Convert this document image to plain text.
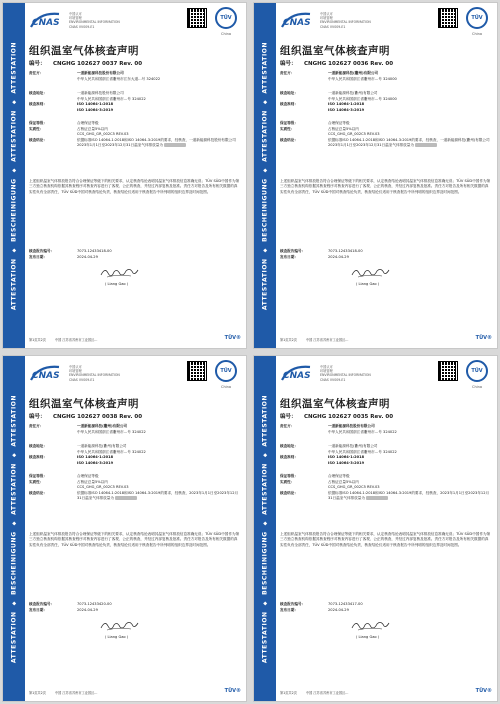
ATTESTATION◆BESCHEINIGUNG◆ATTESTATION◆ATTESTATION
CNAS
中国认可
环境管理
ENVIRONMENTAL INFORMATION
CNAS VV009-E1
TÜV
China
组织温室气体核查声明
编号： CNGHG 102627 0037 Rev. 00
责任方：	一道新能源科技股份有限公司
中华人民共和国浙江省衢州市江东大道…号 324022
核查地址：	一道新能源科技股份有限公司
中华人民共和国浙江省衢州市…号 324022
核查准则：	ISO 14064-1:2018
ISO 14064-3:2019
保证等级：	合理保证等级
实质性：	占核证总量5%以内
CCS_GHG_GR_002C5 REV.03
核查结论：	依据标准ISO 14064-1:2018和ISO 14064-3:2019的要求，经核查，一道新能源科技股份有限公司2023年1月1日至2023年12月31日温室气体排放量为
上述组织温室气体排放报告符合合理保证等级下的相关要求，认定核查结论表明其温室气体排放信息准确无误；TÜV SÜD中国作为第三方独立核查机构依据其核查程序对核查内容进行了客观、公正的核查，并经过内部复核及批准。责任方对报告及所有相关数据的真实性负有全部责任，TÜV SÜD中国对核查结论负责，核查结论仅适用于核查报告中所列明的组织边界及时间范围。
核查报告编号：	7073-12433418-00
发布日期：	2024-04-29
( Liang Gao )
第1页共2页	中国 江苏省苏州市工业园区…	TÜV®
ATTESTATION◆BESCHEINIGUNG◆ATTESTATION◆ATTESTATION
CNAS
中国认可
环境管理
ENVIRONMENTAL INFORMATION
CNAS VV009-E1
TÜV
China
组织温室气体核查声明
编号： CNGHG 102627 0036 Rev. 00
责任方：	一道新能源科技(衢州)有限公司
中华人民共和国浙江省衢州市…号 324000
核查地址：	一道新能源科技(衢州)有限公司
中华人民共和国浙江省衢州市…号 324000
核查准则：	ISO 14064-1:2018
ISO 14064-3:2019
保证等级：	合理保证等级
实质性：	占核证总量5%以内
CCS_GHG_GR_002C5 REV.03
核查结论：	依据标准ISO 14064-1:2018和ISO 14064-3:2019的要求，经核查，一道新能源科技(衢州)有限公司2023年1月1日至2023年12月31日温室气体排放量为
上述组织温室气体排放报告符合合理保证等级下的相关要求，认定核查结论表明其温室气体排放信息准确无误；TÜV SÜD中国作为第三方独立核查机构依据其核查程序对核查内容进行了客观、公正的核查，并经过内部复核及批准。责任方对报告及所有相关数据的真实性负有全部责任，TÜV SÜD中国对核查结论负责，核查结论仅适用于核查报告中所列明的组织边界及时间范围。
核查报告编号：	7073-12433418-00
发布日期：	2024-04-29
( Liang Gao )
第1页共2页	中国 江苏省苏州市工业园区…	TÜV®
ATTESTATION◆BESCHEINIGUNG◆ATTESTATION◆ATTESTATION
CNAS
中国认可
环境管理
ENVIRONMENTAL INFORMATION
CNAS VV009-E1
TÜV
China
组织温室气体核查声明
编号： CNGHG 102627 0038 Rev. 00
责任方：	一道新能源科技(衢州)有限公司
中华人民共和国浙江省衢州市…号 324022
核查地址：	一道新能源科技(衢州)有限公司
中华人民共和国浙江省衢州市…号 324022
核查准则：	ISO 14064-1:2018
ISO 14064-3:2019
保证等级：	合理保证等级
实质性：	占核证总量5%以内
CCS_GHG_GR_002C5 REV.03
核查结论：	依据标准ISO 14064-1:2018和ISO 14064-3:2019的要求，经核查，2023年1月1日至2023年12月31日温室气体排放量为
上述组织温室气体排放报告符合合理保证等级下的相关要求，认定核查结论表明其温室气体排放信息准确无误；TÜV SÜD中国作为第三方独立核查机构依据其核查程序对核查内容进行了客观、公正的核查，并经过内部复核及批准。责任方对报告及所有相关数据的真实性负有全部责任，TÜV SÜD中国对核查结论负责，核查结论仅适用于核查报告中所列明的组织边界及时间范围。
核查报告编号：	7073-12433420-00
发布日期：	2024-04-29
( Liang Gao )
第1页共2页	中国 江苏省苏州市工业园区…	TÜV®
ATTESTATION◆BESCHEINIGUNG◆ATTESTATION◆ATTESTATION
CNAS
中国认可
环境管理
ENVIRONMENTAL INFORMATION
CNAS VV009-E1
TÜV
China
组织温室气体核查声明
编号： CNGHG 102627 0035 Rev. 00
责任方：	一道新能源科技股份有限公司
中华人民共和国浙江省衢州市…号 324022
核查地址：	一道新能源科技(衢州)有限公司
中华人民共和国浙江省衢州市…号 324022
核查准则：	ISO 14064-1:2018
ISO 14064-3:2019
保证等级：	合理保证等级
实质性：	占核证总量5%以内
CCS_GHG_GR_002C5 REV.03
核查结论：	依据标准ISO 14064-1:2018和ISO 14064-3:2019的要求，经核查，2023年1月1日至2023年12月31日温室气体排放量为
上述组织温室气体排放报告符合合理保证等级下的相关要求，认定核查结论表明其温室气体排放信息准确无误；TÜV SÜD中国作为第三方独立核查机构依据其核查程序对核查内容进行了客观、公正的核查，并经过内部复核及批准。责任方对报告及所有相关数据的真实性负有全部责任，TÜV SÜD中国对核查结论负责，核查结论仅适用于核查报告中所列明的组织边界及时间范围。
核查报告编号：	7073-12433417-00
发布日期：	2024-04-29
( Liang Gao )
第1页共2页	中国 江苏省苏州市工业园区…	TÜV®
